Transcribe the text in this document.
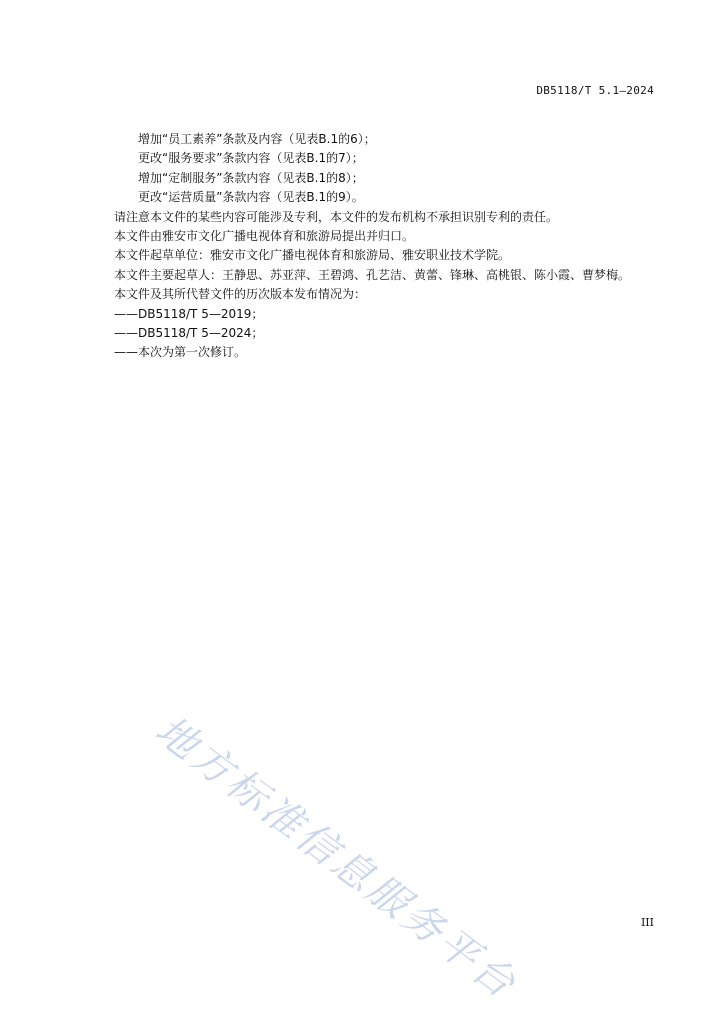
DB5118/T 5.1—2024
增加“员工素养”条款及内容（见表B.1的6）；
更改“服务要求”条款内容（见表B.1的7）；
增加“定制服务”条款内容（见表B.1的8）；
更改“运营质量”条款内容（见表B.1的9）。
请注意本文件的某些内容可能涉及专利，本文件的发布机构不承担识别专利的责任。
本文件由雅安市文化广播电视体育和旅游局提出并归口。
本文件起草单位：雅安市文化广播电视体育和旅游局、雅安职业技术学院。
本文件主要起草人：王静思、苏亚萍、王碧鸿、孔艺洁、黄蕾、锋琳、高桃银、陈小霞、曹梦梅。
本文件及其所代替文件的历次版本发布情况为：
——DB5118/T 5—2019；
——DB5118/T 5—2024；
——本次为第一次修订。
地方标准信息服务平台	III
